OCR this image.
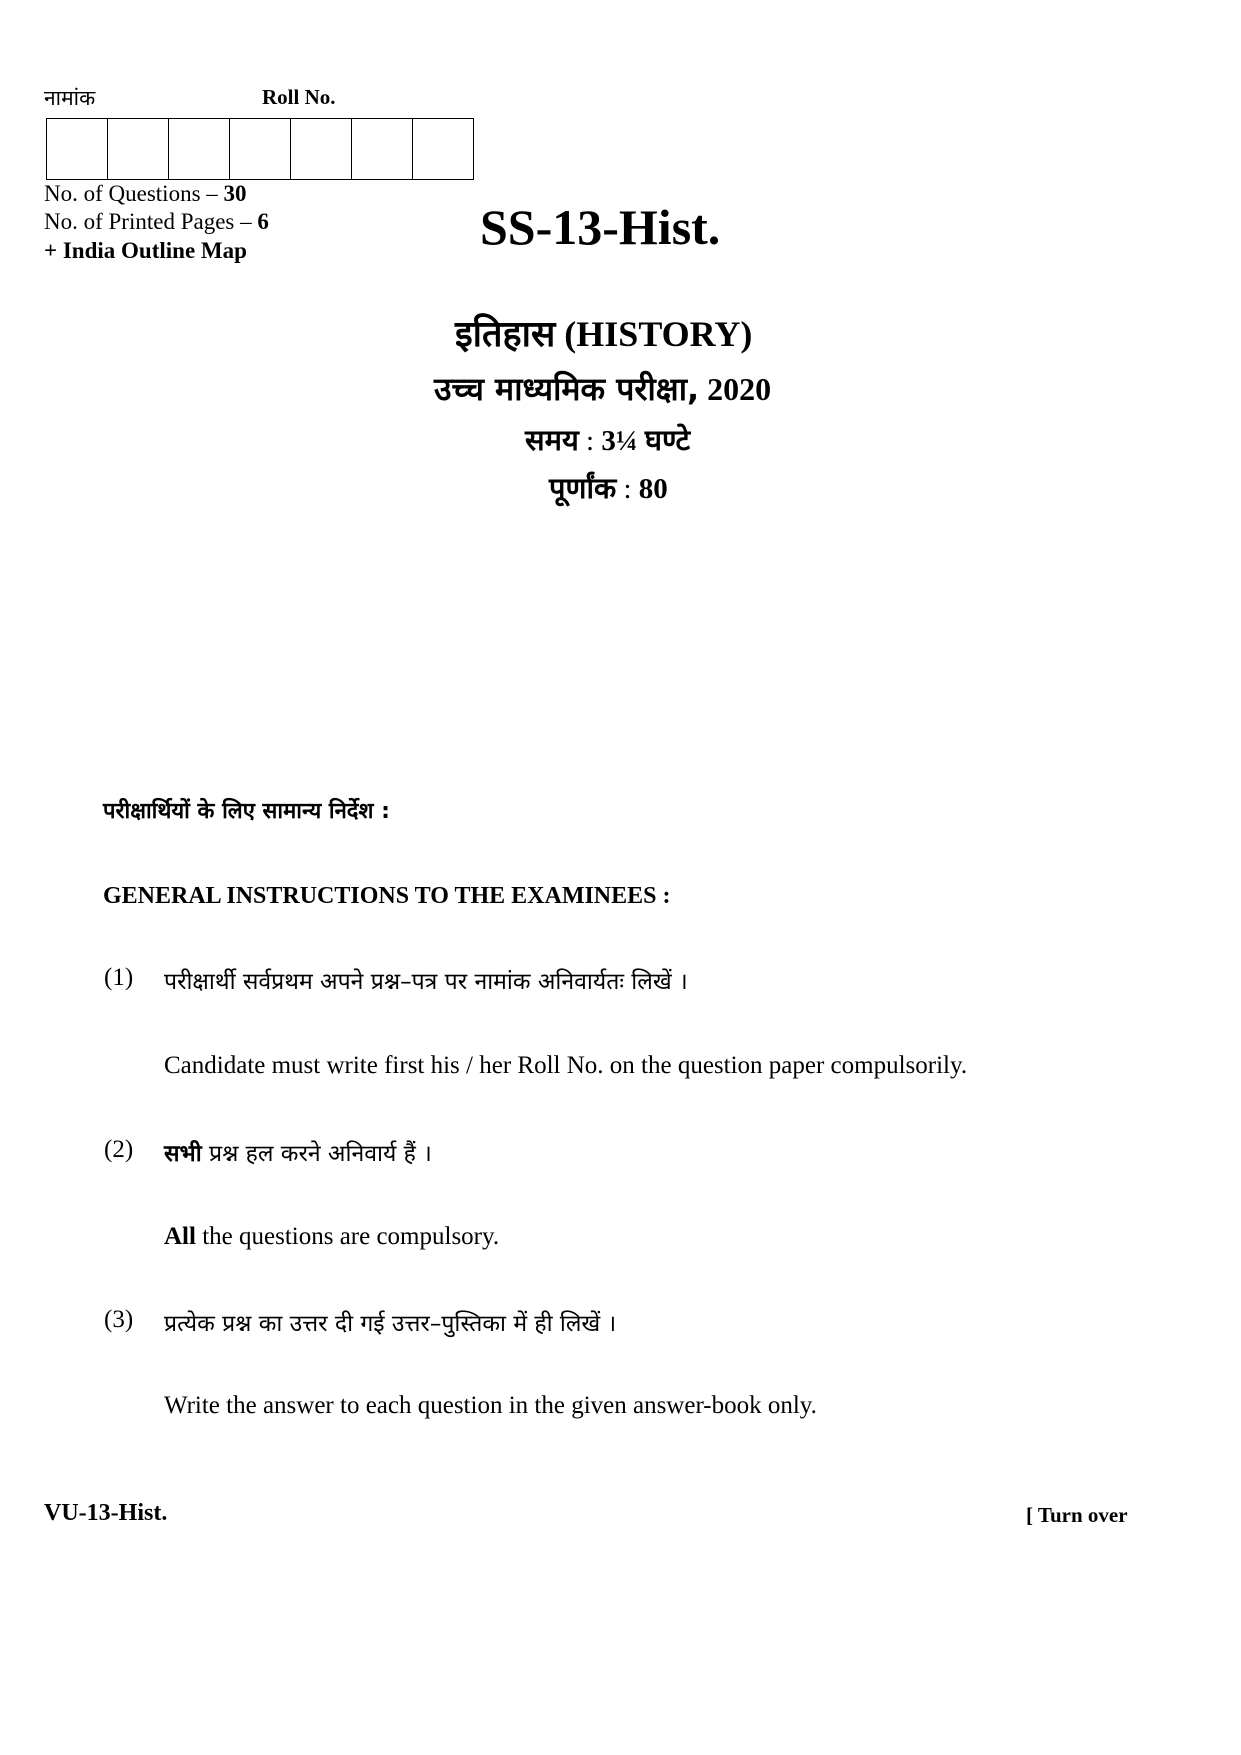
नामांक	Roll No.
No. of Questions – 30
No. of Printed Pages – 6
+ India Outline Map	SS-13-Hist.
इतिहास (HISTORY)
उच्च माध्यमिक परीक्षा, 2020
समय : 3¼ घण्टे
पूर्णांक : 80
परीक्षार्थियों के लिए सामान्य निर्देश :
GENERAL INSTRUCTIONS TO THE EXAMINEES :
(1) परीक्षार्थी सर्वप्रथम अपने प्रश्न–पत्र पर नामांक अनिवार्यतः लिखें ।
Candidate must write first his / her Roll No. on the question paper compulsorily.
(2) सभी प्रश्न हल करने अनिवार्य हैं ।
All the questions are compulsory.
(3) प्रत्येक प्रश्न का उत्तर दी गई उत्तर–पुस्तिका में ही लिखें ।
Write the answer to each question in the given answer-book only.
VU-13-Hist.	[ Turn over
